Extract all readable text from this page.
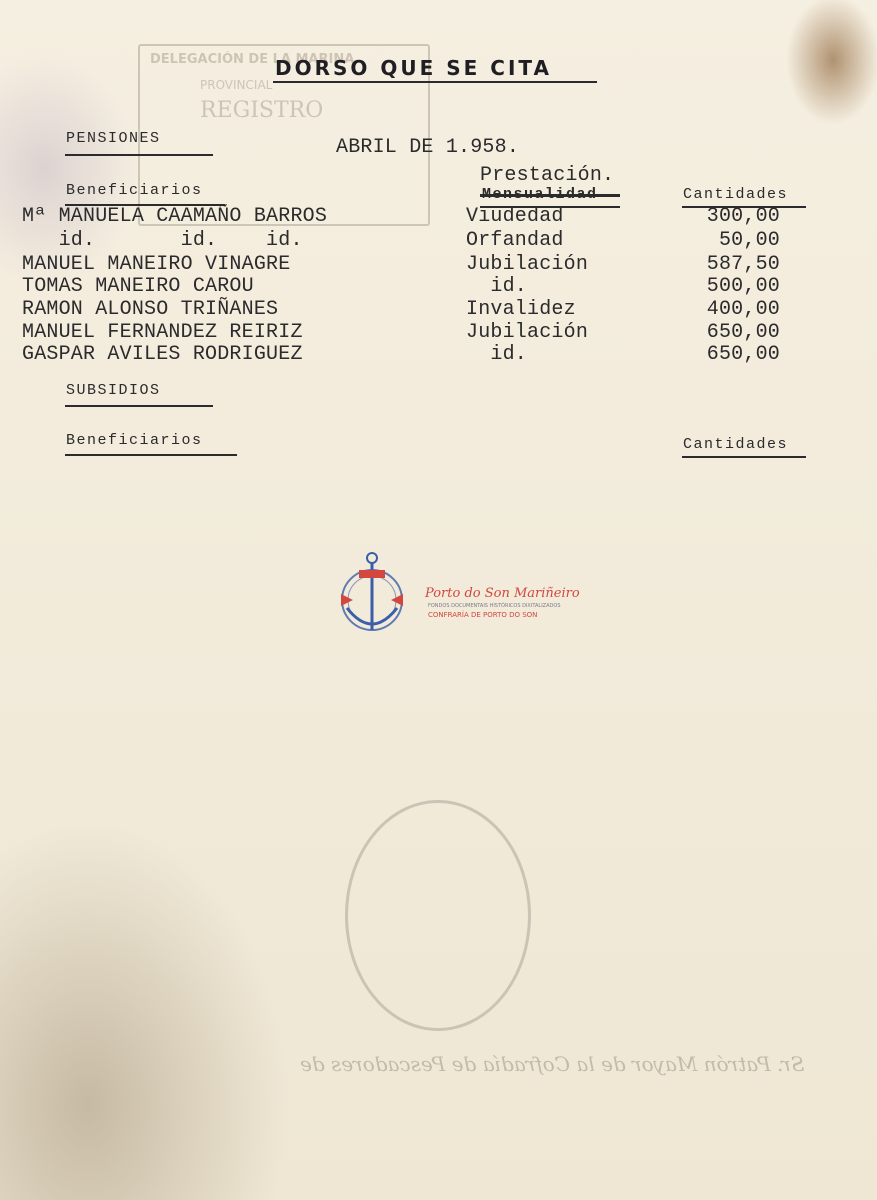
DELEGACIÓN DE LA MARINA
PROVINCIAL
REGISTRO
Sr. Patrón Mayor de la Cofradía de Pescadores de
DORSO QUE SE CITA
PENSIONES	ABRIL DE 1.958.
Prestación.
Beneficiarios	Cantidades
Mª MANUELA CAAMAÑO BARROS	Viudedad	300,00
id.       id.    id.	Orfandad	50,00
MANUEL MANEIRO VINAGRE	Jubilación	587,50
TOMAS MANEIRO CAROU	id.	500,00
RAMON ALONSO TRIÑANES	Invalidez	400,00
MANUEL FERNANDEZ REIRIZ	Jubilación	650,00
GASPAR AVILES RODRIGUEZ	id.	650,00
SUBSIDIOS
Beneficiarios	Cantidades
Porto do Son Mariñeiro
FONDOS DOCUMENTAIS HISTÓRICOS DIXITALIZADOS
CONFRARÍA DE PORTO DO SON
